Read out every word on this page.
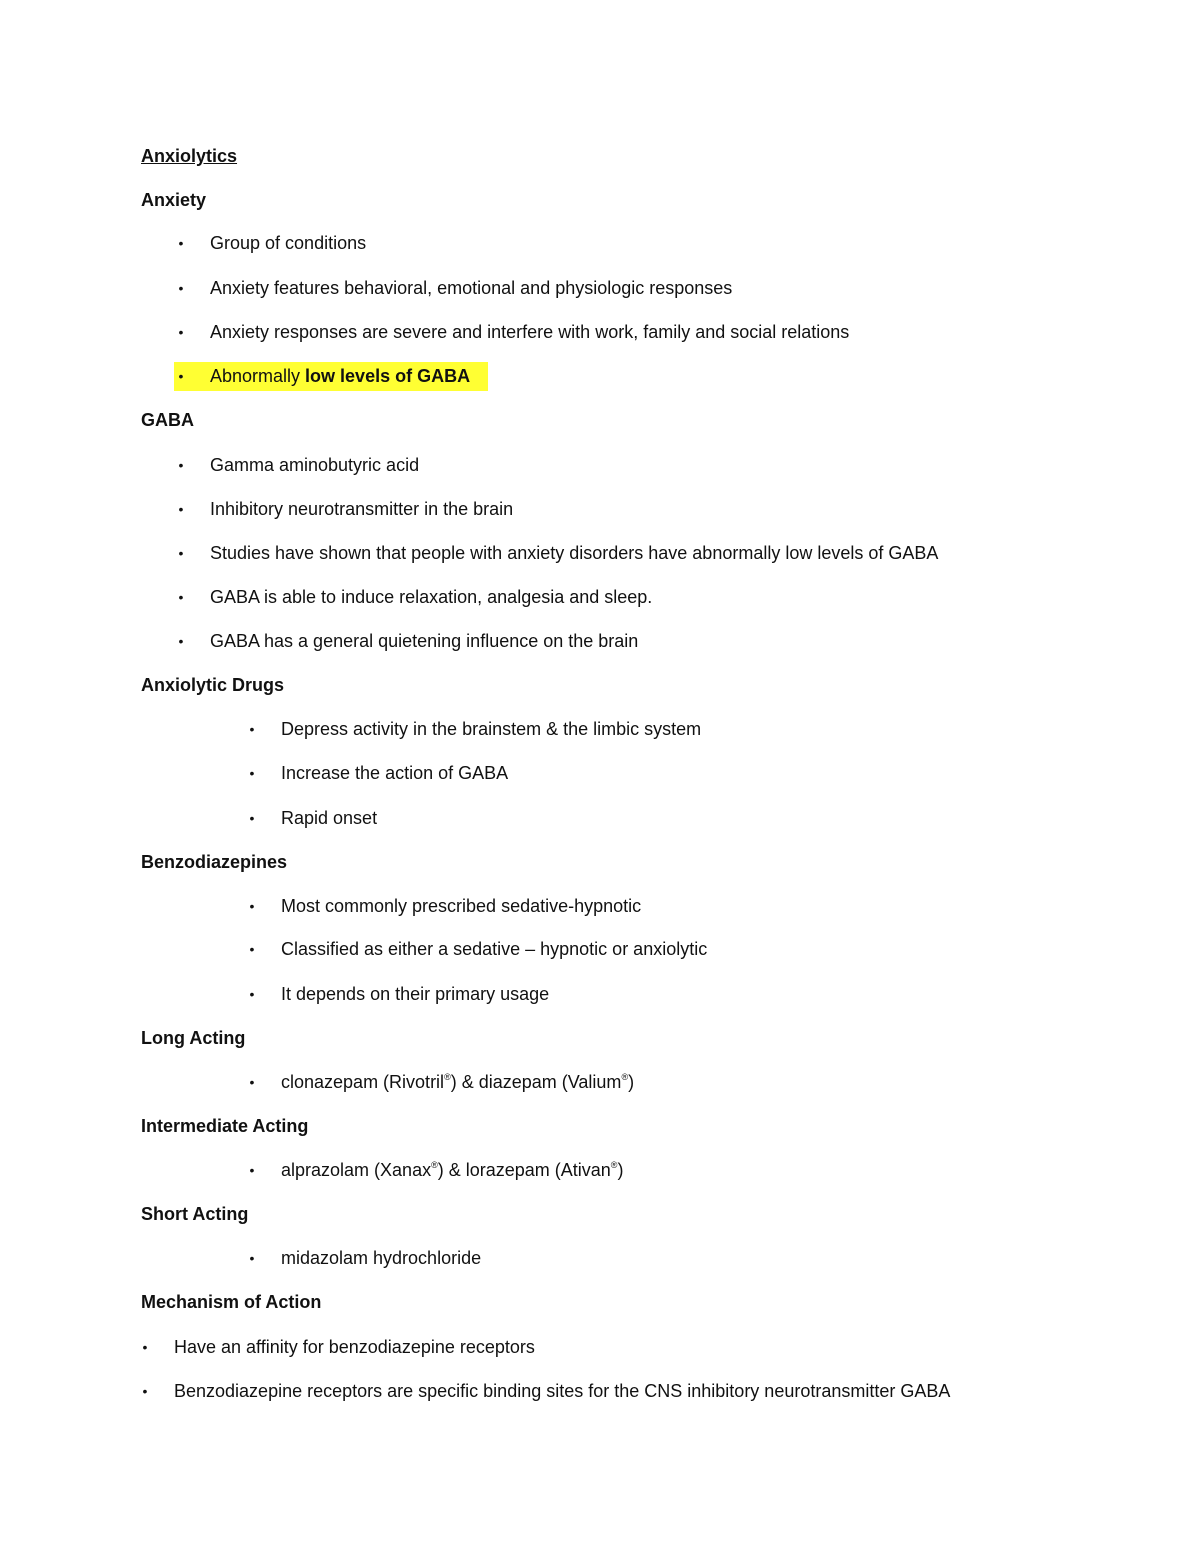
Anxiolytics
Anxiety
• Group of conditions
• Anxiety features behavioral, emotional and physiologic responses
• Anxiety responses are severe and interfere with work, family and social relations
• Abnormally low levels of GABA
GABA
• Gamma aminobutyric acid
• Inhibitory neurotransmitter in the brain
• Studies have shown that people with anxiety disorders have abnormally low levels of GABA
• GABA is able to induce relaxation, analgesia and sleep.
• GABA has a general quietening influence on the brain
Anxiolytic Drugs
• Depress activity in the brainstem & the limbic system
• Increase the action of GABA
• Rapid onset
Benzodiazepines
• Most commonly prescribed sedative-hypnotic
• Classified as either a sedative – hypnotic or anxiolytic
• It depends on their primary usage
Long Acting
• clonazepam (Rivotril®) & diazepam (Valium®)
Intermediate Acting
• alprazolam (Xanax®) & lorazepam (Ativan®)
Short Acting
• midazolam hydrochloride
Mechanism of Action
• Have an affinity for benzodiazepine receptors
• Benzodiazepine receptors are specific binding sites for the CNS inhibitory neurotransmitter GABA
